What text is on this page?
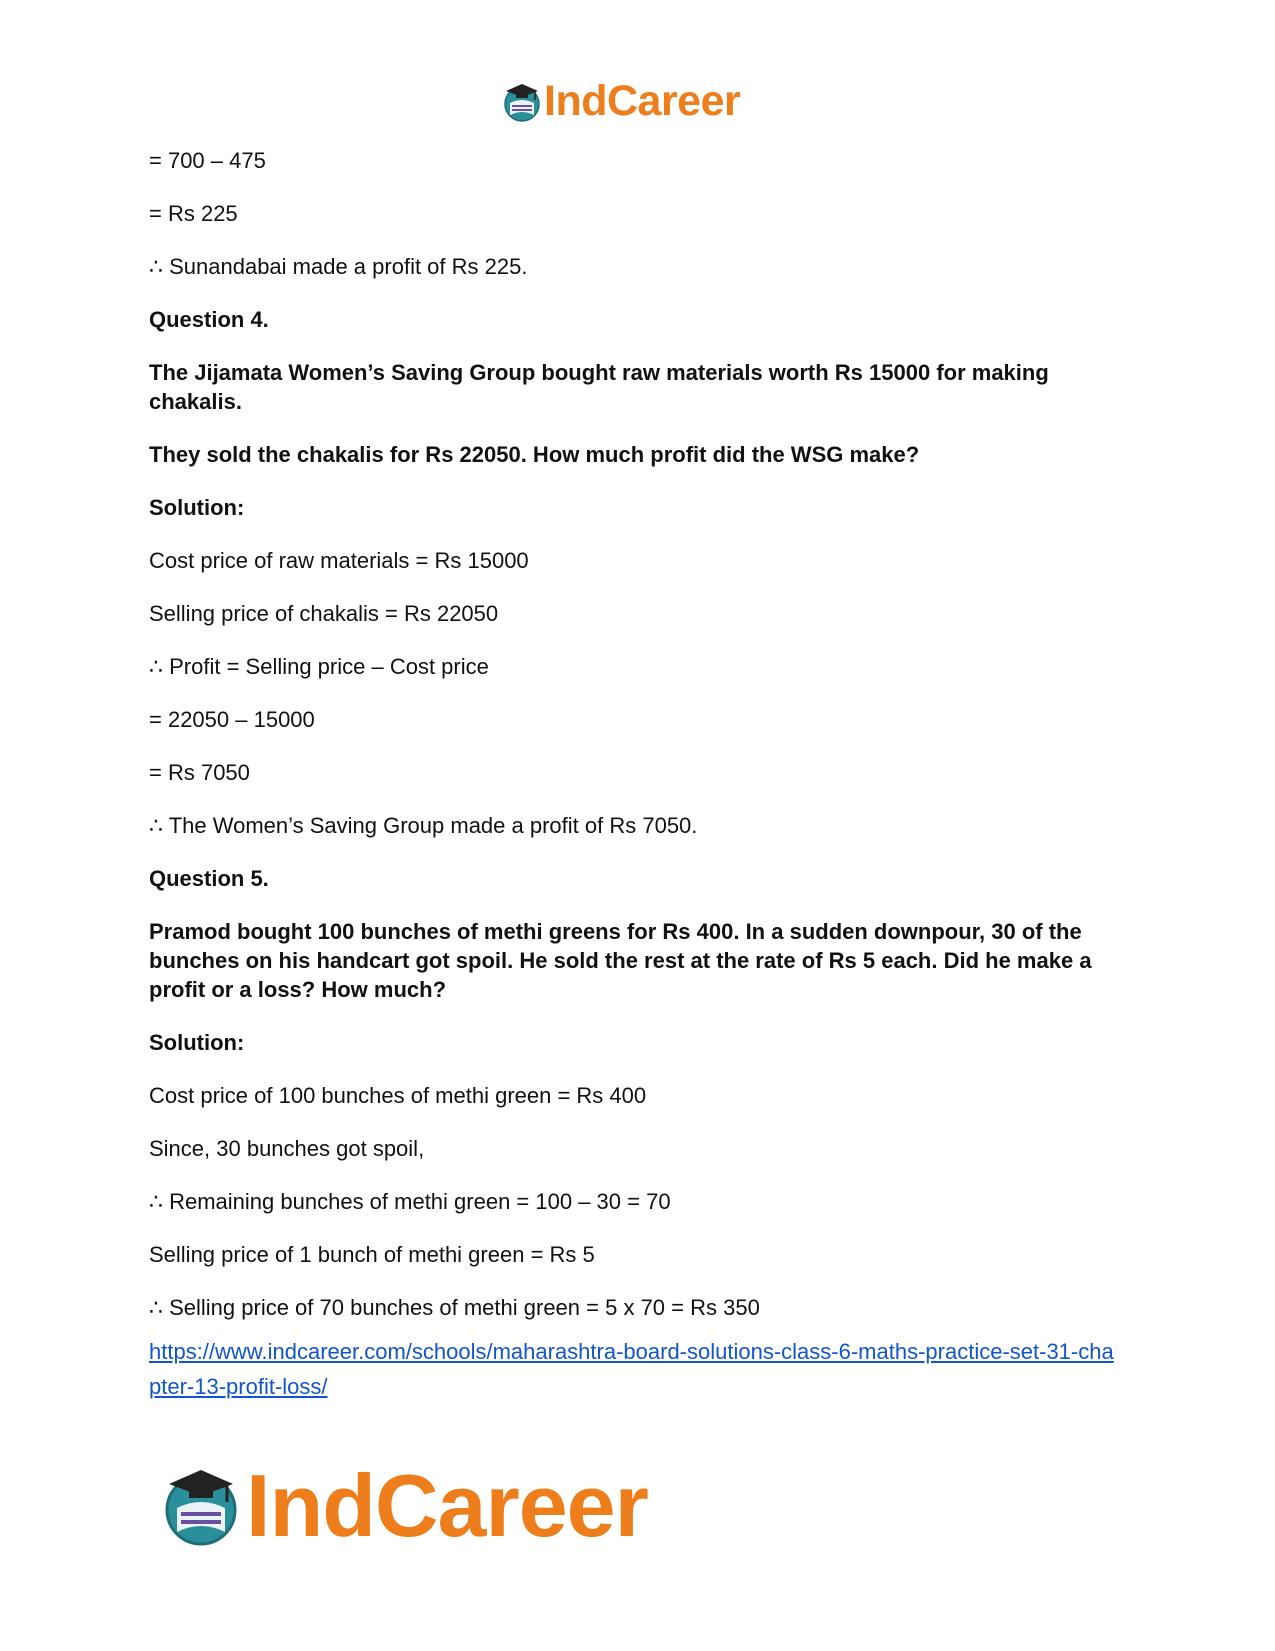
IndCareer

= 700 – 475

= Rs 225

∴ Sunandabai made a profit of Rs 225.

Question 4.

The Jijamata Women’s Saving Group bought raw materials worth Rs 15000 for making chakalis.

They sold the chakalis for Rs 22050. How much profit did the WSG make?

Solution:

Cost price of raw materials = Rs 15000

Selling price of chakalis = Rs 22050

∴ Profit = Selling price – Cost price

= 22050 – 15000

= Rs 7050

∴ The Women’s Saving Group made a profit of Rs 7050.

Question 5.

Pramod bought 100 bunches of methi greens for Rs 400. In a sudden downpour, 30 of the bunches on his handcart got spoil. He sold the rest at the rate of Rs 5 each. Did he make a profit or a loss? How much?

Solution:

Cost price of 100 bunches of methi green = Rs 400

Since, 30 bunches got spoil,

∴ Remaining bunches of methi green = 100 – 30 = 70

Selling price of 1 bunch of methi green = Rs 5

∴ Selling price of 70 bunches of methi green = 5 x 70 = Rs 350

https://www.indcareer.com/schools/maharashtra-board-solutions-class-6-maths-practice-set-31-chapter-13-profit-loss/
IndCareer
